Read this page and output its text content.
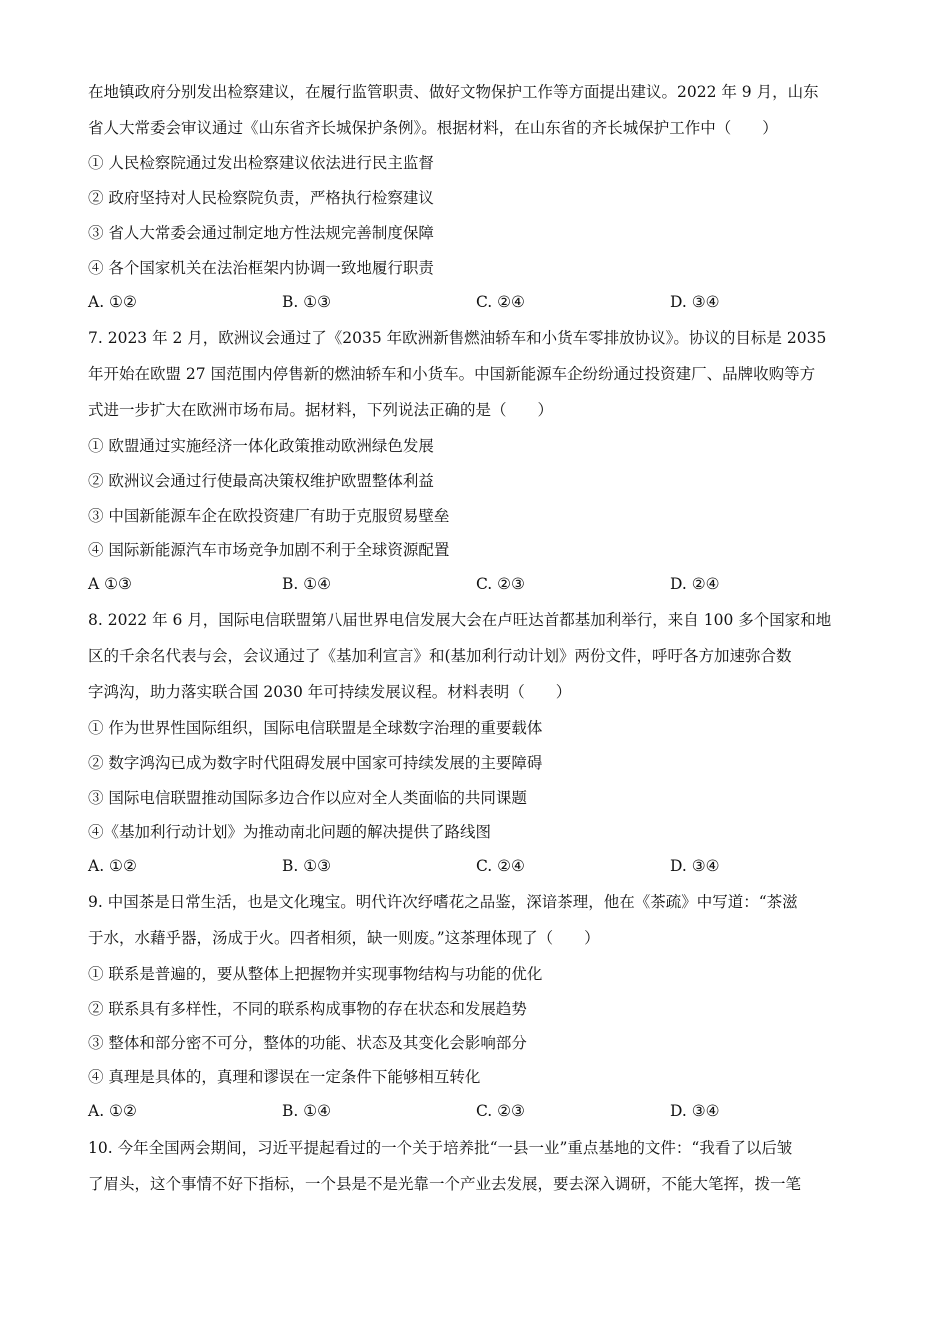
在地镇政府分别发出检察建议，在履行监管职责、做好文物保护工作等方面提出建议。2022 年 9 月，山东
省人大常委会审议通过《山东省齐长城保护条例》。根据材料，在山东省的齐长城保护工作中（　　）
① 人民检察院通过发出检察建议依法进行民主监督
② 政府坚持对人民检察院负责，严格执行检察建议
③ 省人大常委会通过制定地方性法规完善制度保障
④ 各个国家机关在法治框架内协调一致地履行职责
A. ①②	B. ①③	C. ②④	D. ③④
7. 2023 年 2 月，欧洲议会通过了《2035 年欧洲新售燃油轿车和小货车零排放协议》。协议的目标是 2035
年开始在欧盟 27 国范围内停售新的燃油轿车和小货车。中国新能源车企纷纷通过投资建厂、品牌收购等方
式进一步扩大在欧洲市场布局。据材料，下列说法正确的是（　　）
① 欧盟通过实施经济一体化政策推动欧洲绿色发展
② 欧洲议会通过行使最高决策权维护欧盟整体利益
③ 中国新能源车企在欧投资建厂有助于克服贸易壁垒
④ 国际新能源汽车市场竞争加剧不利于全球资源配置
A ①③	B. ①④	C. ②③	D. ②④
8. 2022 年 6 月，国际电信联盟第八届世界电信发展大会在卢旺达首都基加利举行，来自 100 多个国家和地
区的千余名代表与会，会议通过了《基加利宣言》和(基加利行动计划》两份文件，呼吁各方加速弥合数
字鸿沟，助力落实联合国 2030 年可持续发展议程。材料表明（　　）
① 作为世界性国际组织，国际电信联盟是全球数字治理的重要载体
② 数字鸿沟已成为数字时代阻碍发展中国家可持续发展的主要障碍
③ 国际电信联盟推动国际多边合作以应对全人类面临的共同课题
④《基加利行动计划》为推动南北问题的解决提供了路线图
A. ①②	B. ①③	C. ②④	D. ③④
9. 中国茶是日常生活，也是文化瑰宝。明代许次纾嗜花之品鉴，深谙茶理，他在《茶疏》中写道：“茶滋
于水，水藉乎器，汤成于火。四者相须，缺一则废。”这茶理体现了（　　）
① 联系是普遍的，要从整体上把握物并实现事物结构与功能的优化
② 联系具有多样性，不同的联系构成事物的存在状态和发展趋势
③ 整体和部分密不可分，整体的功能、状态及其变化会影响部分
④ 真理是具体的，真理和谬误在一定条件下能够相互转化
A. ①②	B. ①④	C. ②③	D. ③④
10. 今年全国两会期间，习近平提起看过的一个关于培养批“一县一业”重点基地的文件：“我看了以后皱
了眉头，这个事情不好下指标，一个县是不是光靠一个产业去发展，要去深入调研，不能大笔挥，拨一笔
